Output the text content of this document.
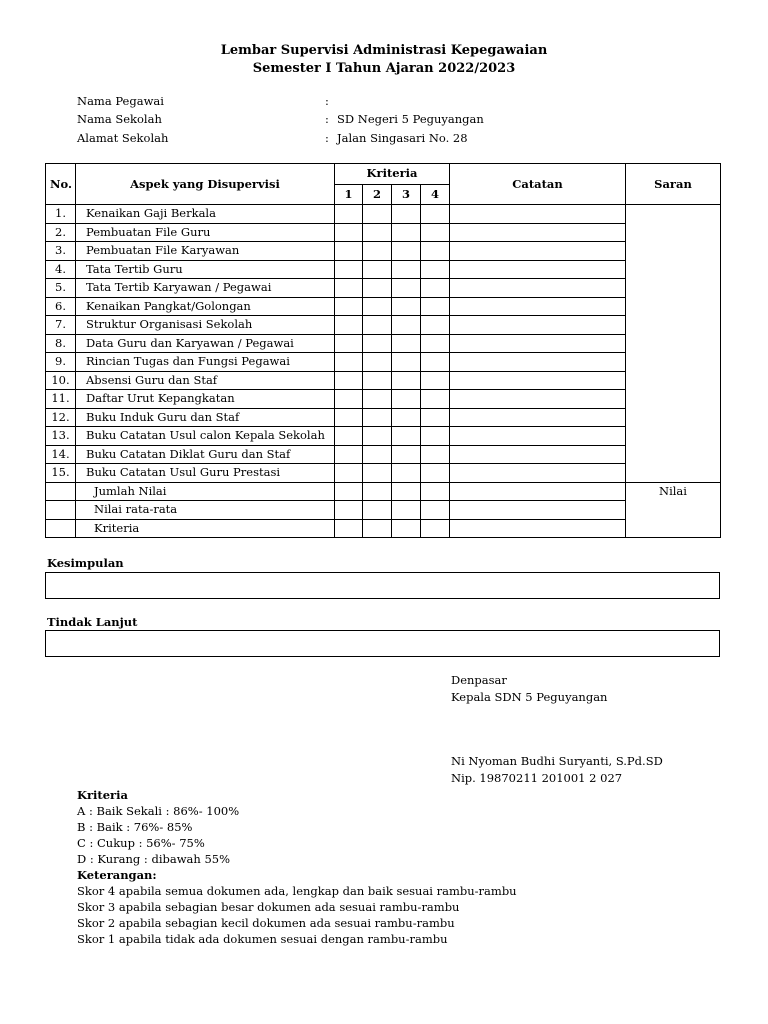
Lembar Supervisi Administrasi Kepegawaian
Semester I Tahun Ajaran 2022/2023
Nama Pegawai	:
Nama Sekolah	: SD Negeri 5 Peguyangan
Alamat Sekolah	: Jalan Singasari No. 28
No.	Aspek yang Disupervisi	Kriteria				Catatan	Saran
		1	2	3	4		
1.	Kenaikan Gaji Berkala						
2.	Pembuatan File Guru						
3.	Pembuatan File Karyawan						
4.	Tata Tertib Guru						
5.	Tata Tertib Karyawan / Pegawai						
6.	Kenaikan Pangkat/Golongan						
7.	Struktur Organisasi Sekolah						
8.	Data Guru dan Karyawan / Pegawai						
9.	Rincian Tugas dan Fungsi Pegawai						
10.	Absensi Guru dan Staf						
11.	Daftar Urut Kepangkatan						
12.	Buku Induk Guru dan Staf						
13.	Buku Catatan Usul calon Kepala Sekolah						
14.	Buku Catatan Diklat Guru dan Staf						
15.	Buku Catatan Usul Guru Prestasi						
	Jumlah Nilai						Nilai
	Nilai rata-rata						
	Kriteria						
Kesimpulan
Tindak Lanjut
Denpasar
Kepala SDN 5 Peguyangan
Ni Nyoman Budhi Suryanti, S.Pd.SD
Nip. 19870211 201001 2 027
Kriteria
A : Baik Sekali : 86%- 100%
B : Baik : 76%- 85%
C : Cukup : 56%- 75%
D : Kurang : dibawah 55%
Keterangan:
Skor 4 apabila semua dokumen ada, lengkap dan baik sesuai rambu-rambu
Skor 3 apabila sebagian besar dokumen ada sesuai rambu-rambu
Skor 2 apabila sebagian kecil dokumen ada sesuai rambu-rambu
Skor 1 apabila tidak ada dokumen sesuai dengan rambu-rambu
